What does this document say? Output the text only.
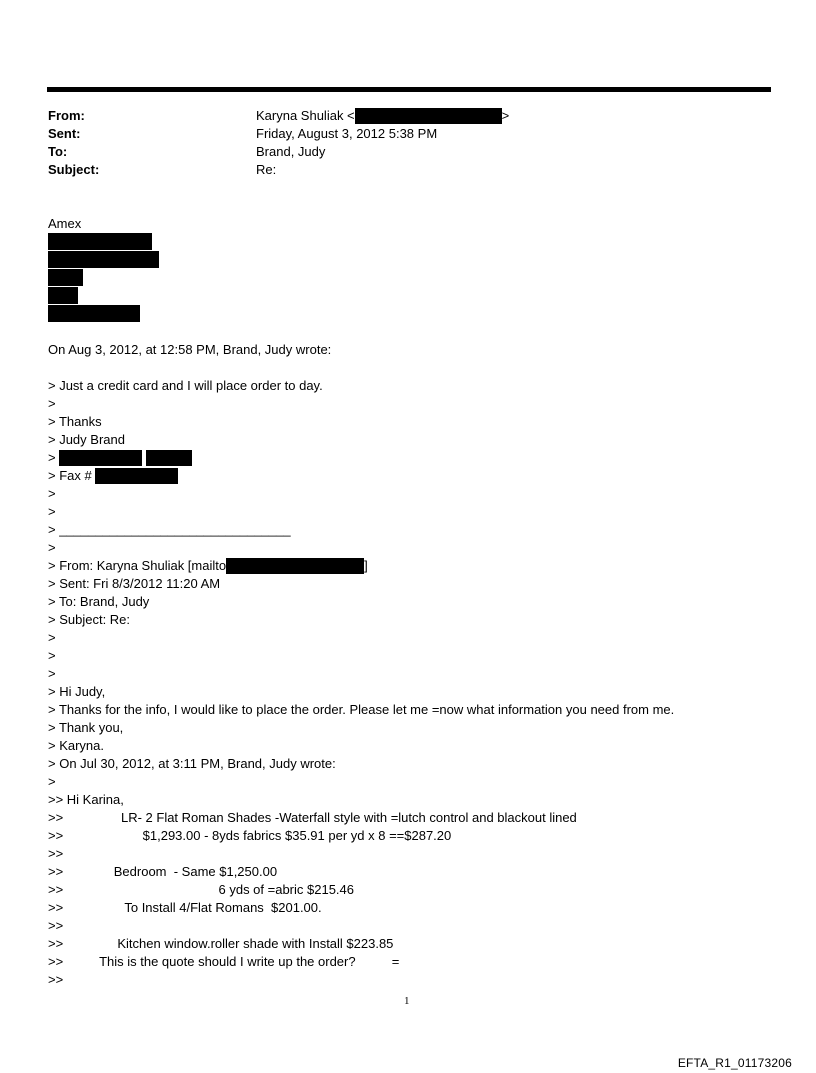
From:	Karyna Shuliak <	>
Sent:	Friday, August 3, 2012 5:38 PM
To:	Brand, Judy
Subject:	Re:
Amex
On Aug 3, 2012, at 12:58 PM, Brand, Judy wrote:
> Just a credit card and I will place order to day.
>
> Thanks
> Judy Brand
>
> Fax #
>
>
> ________________________________
>
> From: Karyna Shuliak [mailto	]
> Sent: Fri 8/3/2012 11:20 AM
> To: Brand, Judy
> Subject: Re:
>
>
>
> Hi Judy,
> Thanks for the info, I would like to place the order. Please let me =now what information you need from me.
> Thank you,
> Karyna.
> On Jul 30, 2012, at 3:11 PM, Brand, Judy wrote:
>
>> Hi Karina,
>>                LR- 2 Flat Roman Shades -Waterfall style with =lutch control and blackout lined
>>                      $1,293.00 - 8yds fabrics $35.91 per yd x 8 ==$287.20
>>
>>              Bedroom  - Same $1,250.00
>>                                           6 yds of =abric $215.46
>>                 To Install 4/Flat Romans  $201.00.
>>
>>               Kitchen window.roller shade with Install $223.85
>>          This is the quote should I write up the order?          =
>>
1
EFTA_R1_01173206
